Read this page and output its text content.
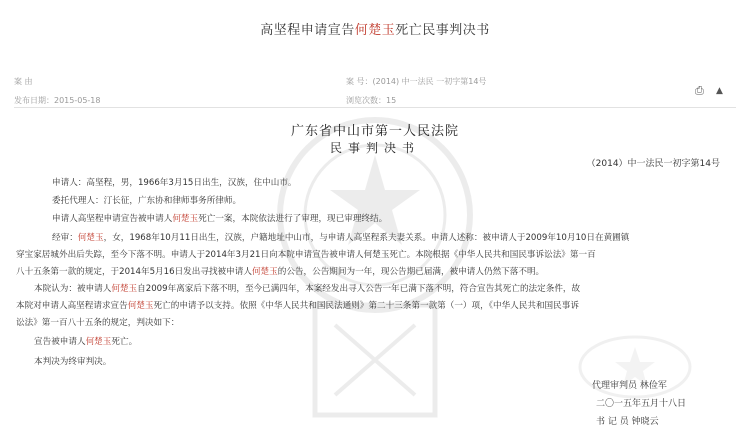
高坚程申请宣告何楚玉死亡民事判决书
案 由
发布日期：2015-05-18
案 号：(2014) 中一法民 一初字第14号
浏览次数：15
⎙ ▲
广东省中山市第一人民法院
民事判决书
（2014）中一法民一初字第14号
申请人：高坚程，男，1966年3月15日出生，汉族，住中山市。
委托代理人：汀长征，广东协和律师事务所律师。
申请人高坚程申请宣告被申请人何楚玉死亡一案，本院依法进行了审理，现已审理终结。
经审：何楚玉，女，1968年10月11日出生，汉族，户籍地址中山市，与申请人高坚程系夫妻关系。申请人述称：被申请人于2009年10月10日在黄圃镇
穿宝家居城外出后失踪，至今下落不明。申请人于2014年3月21日向本院申请宣告被申请人何楚玉死亡。本院根据《中华人民共和国民事诉讼法》第一百
八十五条第一款的规定，于2014年5月16日发出寻找被申请人何楚玉的公告，公告期间为一年，现公告期已届满，被申请人仍然下落不明。
本院认为：被申请人何楚玉自2009年离家后下落不明，至今已满四年，本案经发出寻人公告一年已满下落不明，符合宣告其死亡的法定条件，故
本院对申请人高坚程请求宣告何楚玉死亡的申请予以支持。依照《中华人民共和国民法通则》第二十三条第一款第（一）项，《中华人民共和国民事诉
讼法》第一百八十五条的规定，判决如下：
宣告被申请人何楚玉死亡。
本判决为终审判决。
代理审判员 林俭军
二〇一五年五月十八日
书 记 员 钟晓云
